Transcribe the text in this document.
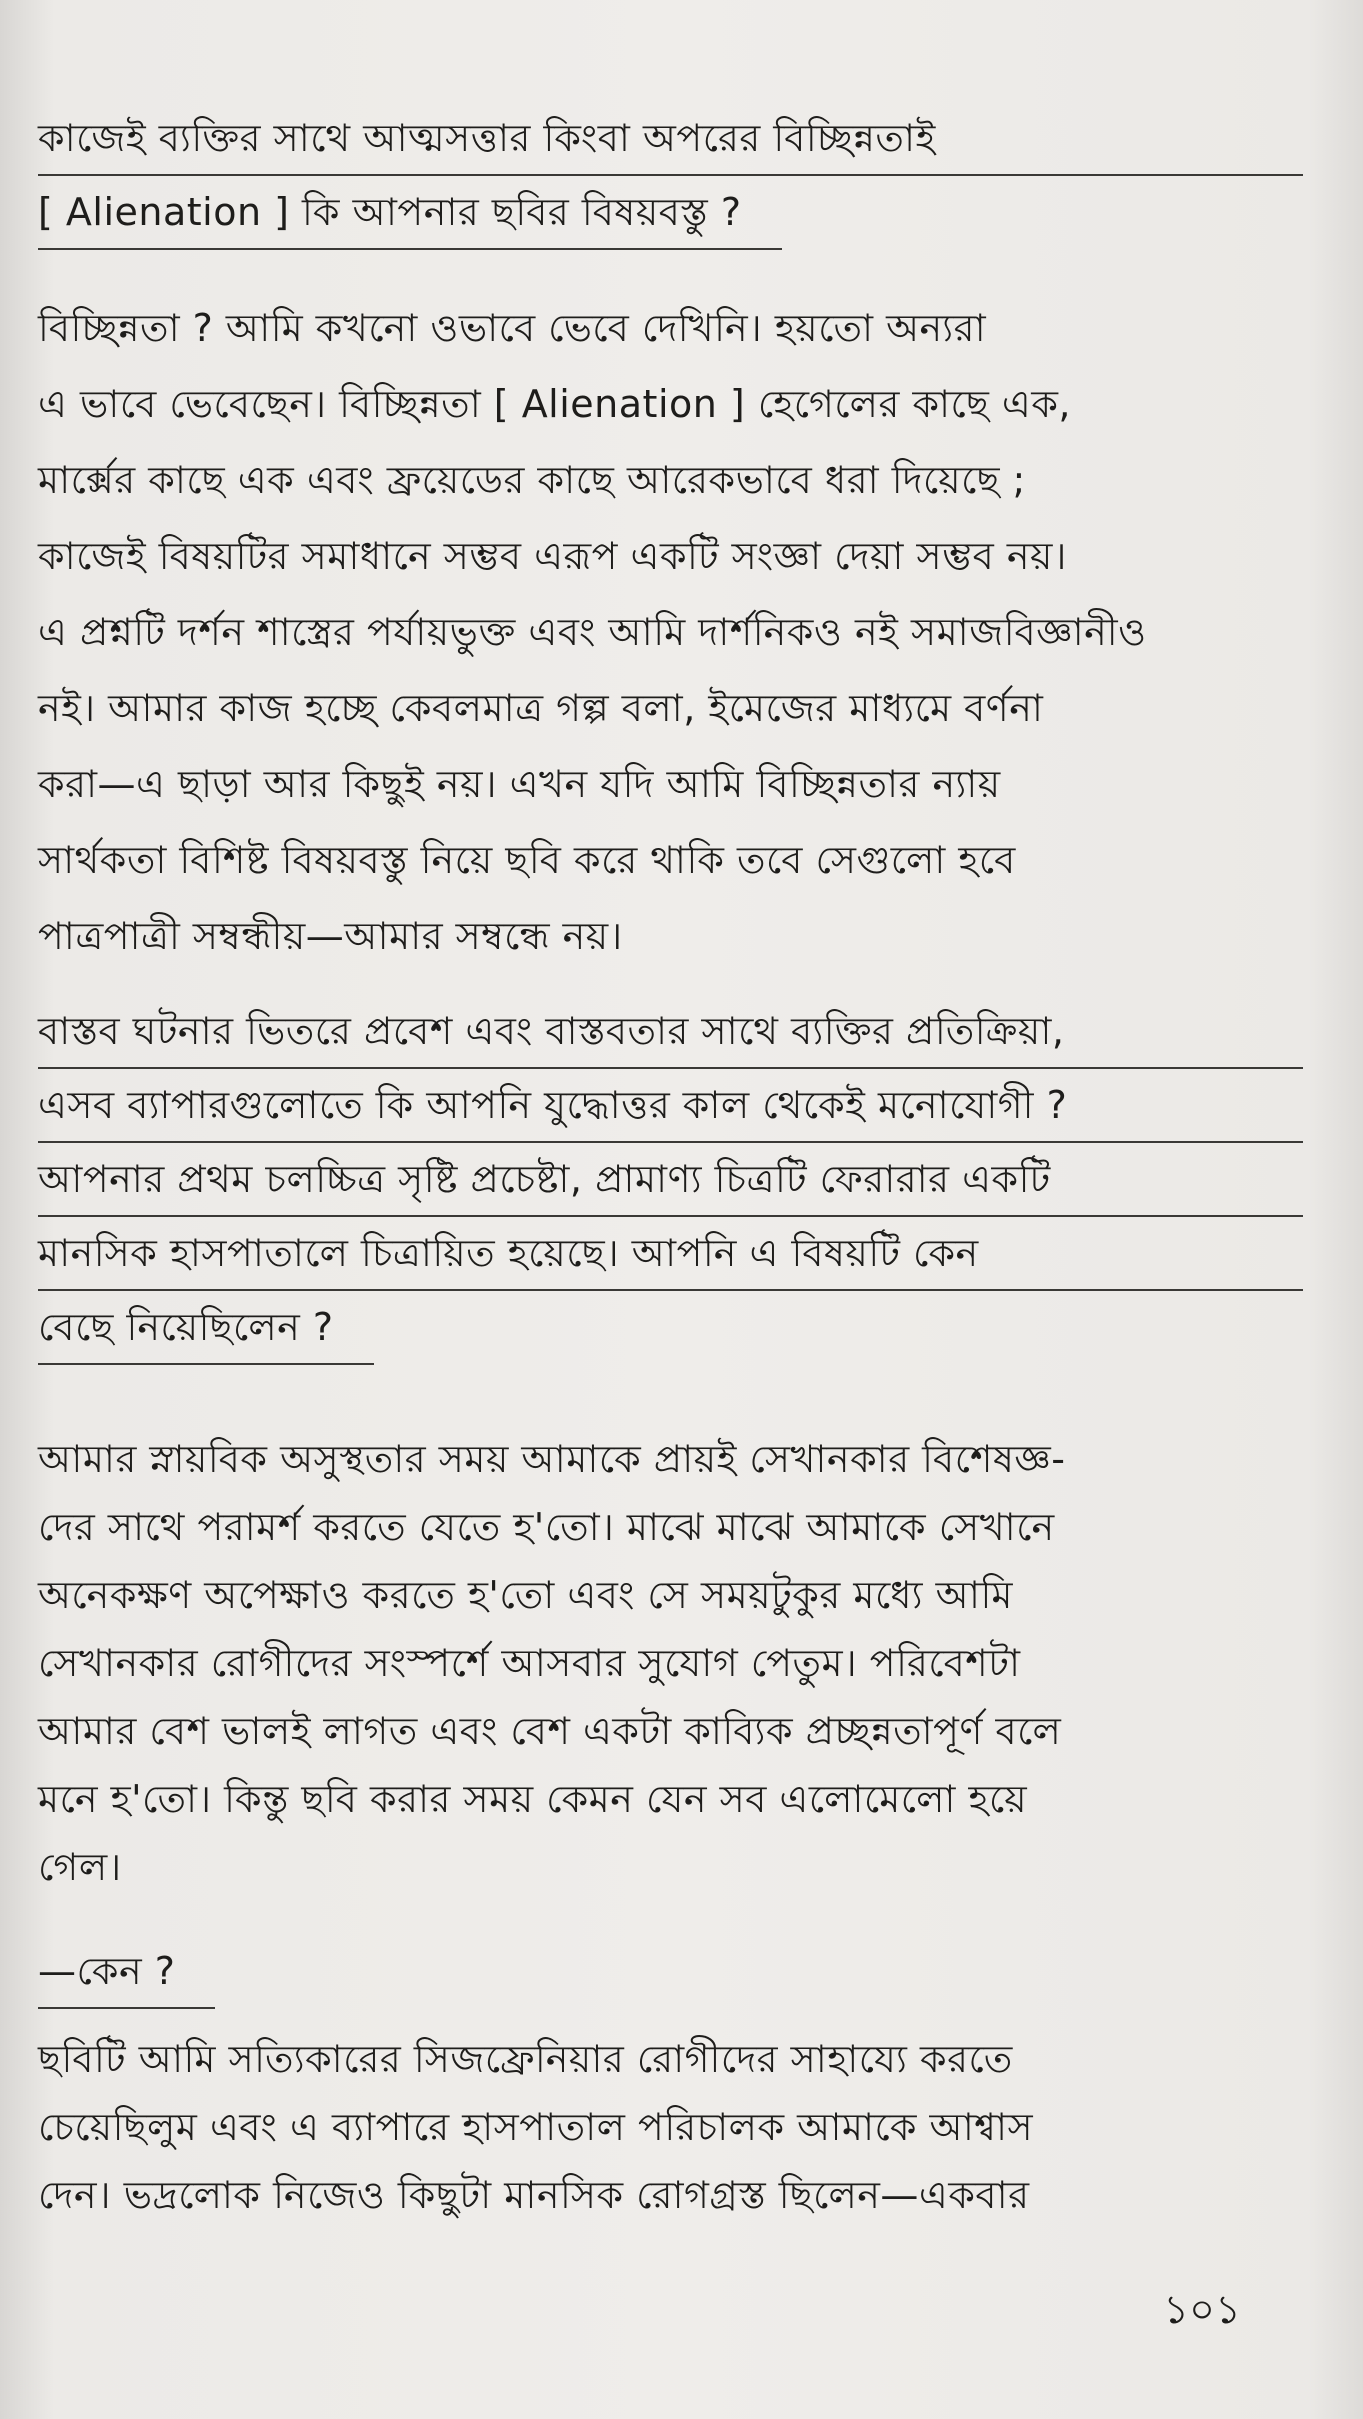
কাজেই ব্যক্তির সাথে আত্মসত্তার কিংবা অপরের বিচ্ছিন্নতাই
[ Alienation ] কি আপনার ছবির বিষয়বস্তু ?
বিচ্ছিন্নতা ? আমি কখনো ওভাবে ভেবে দেখিনি। হয়তো অন্যরা
এ ভাবে ভেবেছেন। বিচ্ছিন্নতা [ Alienation ] হেগেলের কাছে এক,
মার্ক্সের কাছে এক এবং ফ্রয়েডের কাছে আরেকভাবে ধরা দিয়েছে ;
কাজেই বিষয়টির সমাধানে সম্ভব এরূপ একটি সংজ্ঞা দেয়া সম্ভব নয়।
এ প্রশ্নটি দর্শন শাস্ত্রের পর্যায়ভুক্ত এবং আমি দার্শনিকও নই সমাজবিজ্ঞানীও
নই। আমার কাজ হচ্ছে কেবলমাত্র গল্প বলা, ইমেজের মাধ্যমে বর্ণনা
করা—এ ছাড়া আর কিছুই নয়। এখন যদি আমি বিচ্ছিন্নতার ন্যায়
সার্থকতা বিশিষ্ট বিষয়বস্তু নিয়ে ছবি করে থাকি তবে সেগুলো হবে
পাত্রপাত্রী সম্বন্ধীয়—আমার সম্বন্ধে নয়।
বাস্তব ঘটনার ভিতরে প্রবেশ এবং বাস্তবতার সাথে ব্যক্তির প্রতিক্রিয়া,
এসব ব্যাপারগুলোতে কি আপনি যুদ্ধোত্তর কাল থেকেই মনোযোগী ?
আপনার প্রথম চলচ্চিত্র সৃষ্টি প্রচেষ্টা, প্রামাণ্য চিত্রটি ফেরারার একটি
মানসিক হাসপাতালে চিত্রায়িত হয়েছে। আপনি এ বিষয়টি কেন
বেছে নিয়েছিলেন ?
আমার স্নায়বিক অসুস্থতার সময় আমাকে প্রায়ই সেখানকার বিশেষজ্ঞ-
দের সাথে পরামর্শ করতে যেতে হ'তো। মাঝে মাঝে আমাকে সেখানে
অনেকক্ষণ অপেক্ষাও করতে হ'তো এবং সে সময়টুকুর মধ্যে আমি
সেখানকার রোগীদের সংস্পর্শে আসবার সুযোগ পেতুম। পরিবেশটা
আমার বেশ ভালই লাগত এবং বেশ একটা কাব্যিক প্রচ্ছন্নতাপূর্ণ বলে
মনে হ'তো। কিন্তু ছবি করার সময় কেমন যেন সব এলোমেলো হয়ে
গেল।
—কেন ?
ছবিটি আমি সত্যিকারের সিজফ্রেনিয়ার রোগীদের সাহায্যে করতে
চেয়েছিলুম এবং এ ব্যাপারে হাসপাতাল পরিচালক আমাকে আশ্বাস
দেন। ভদ্রলোক নিজেও কিছুটা মানসিক রোগগ্রস্ত ছিলেন—একবার
১০১
